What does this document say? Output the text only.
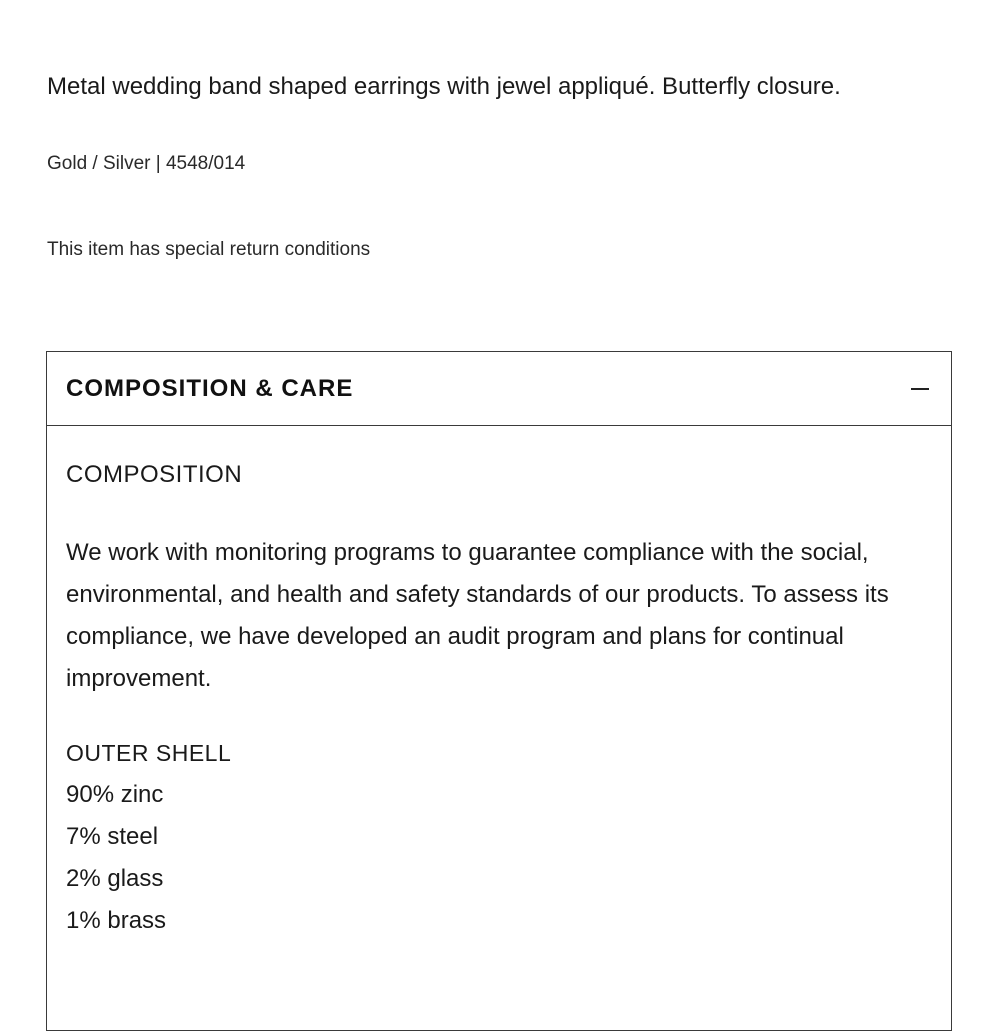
Metal wedding band shaped earrings with jewel appliqué. Butterfly closure.
Gold / Silver | 4548/014
This item has special return conditions
COMPOSITION & CARE
COMPOSITION
We work with monitoring programs to guarantee compliance with the social, environmental, and health and safety standards of our products. To assess its compliance, we have developed an audit program and plans for continual improvement.
OUTER SHELL
90% zinc
7% steel
2% glass
1% brass
